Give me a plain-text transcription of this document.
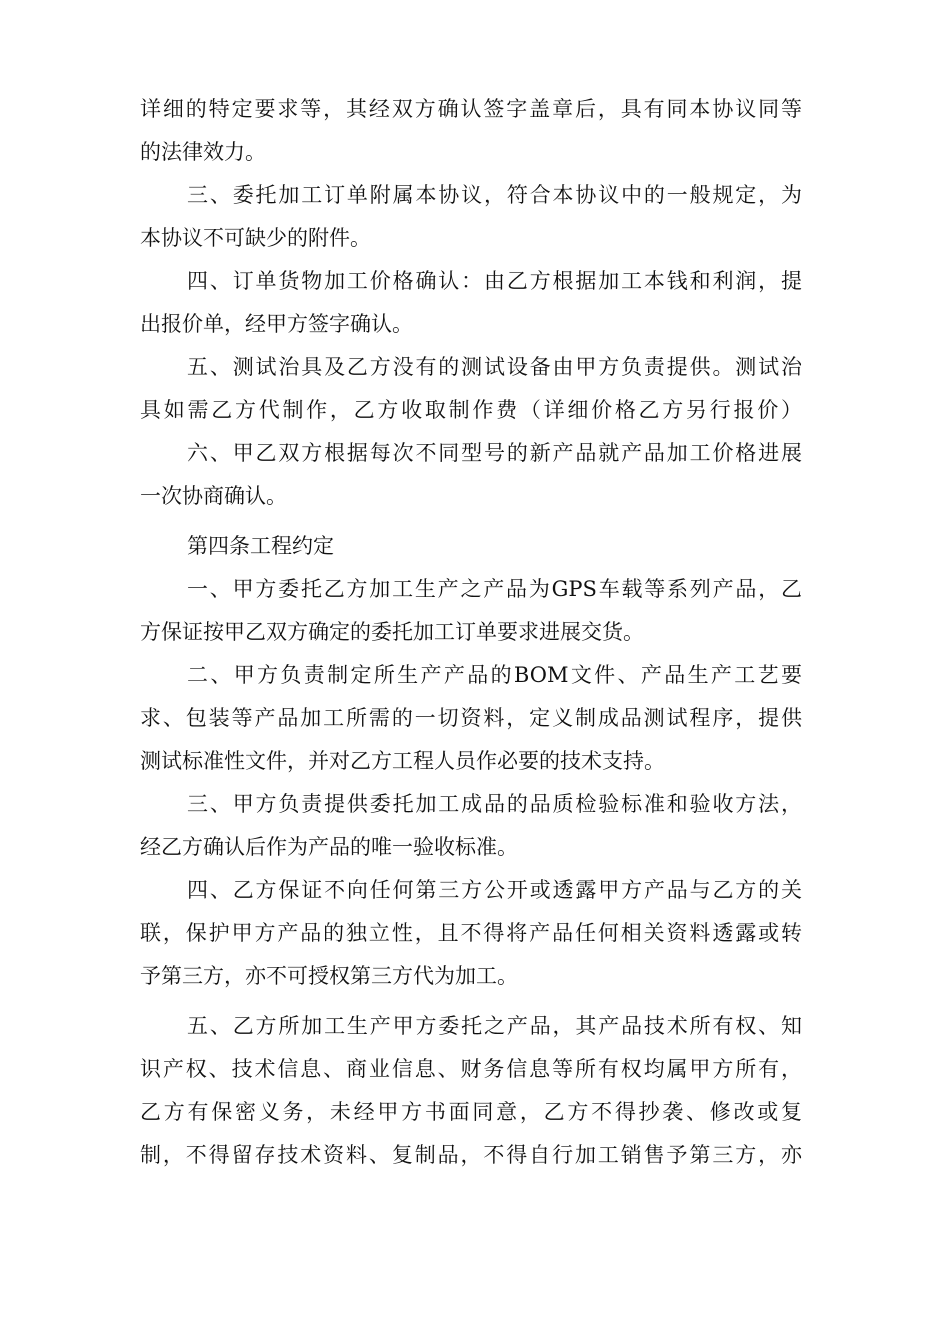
详细的特定要求等，其经双方确认签字盖章后，具有同本协议同等
的法律效力。
三、委托加工订单附属本协议，符合本协议中的一般规定，为
本协议不可缺少的附件。
四、订单货物加工价格确认：由乙方根据加工本钱和利润，提
出报价单，经甲方签字确认。
五、测试治具及乙方没有的测试设备由甲方负责提供。测试治
具如需乙方代制作，乙方收取制作费（详细价格乙方另行报价）
六、甲乙双方根据每次不同型号的新产品就产品加工价格进展
一次协商确认。
第四条工程约定
一、甲方委托乙方加工生产之产品为GPS车载等系列产品，乙
方保证按甲乙双方确定的委托加工订单要求进展交货。
二、甲方负责制定所生产产品的BOM文件、产品生产工艺要
求、包装等产品加工所需的一切资料，定义制成品测试程序，提供
测试标准性文件，并对乙方工程人员作必要的技术支持。
三、甲方负责提供委托加工成品的品质检验标准和验收方法，
经乙方确认后作为产品的唯一验收标准。
四、乙方保证不向任何第三方公开或透露甲方产品与乙方的关
联，保护甲方产品的独立性，且不得将产品任何相关资料透露或转
予第三方，亦不可授权第三方代为加工。
五、乙方所加工生产甲方委托之产品，其产品技术所有权、知
识产权、技术信息、商业信息、财务信息等所有权均属甲方所有，
乙方有保密义务，未经甲方书面同意，乙方不得抄袭、修改或复
制，不得留存技术资料、复制品，不得自行加工销售予第三方，亦
